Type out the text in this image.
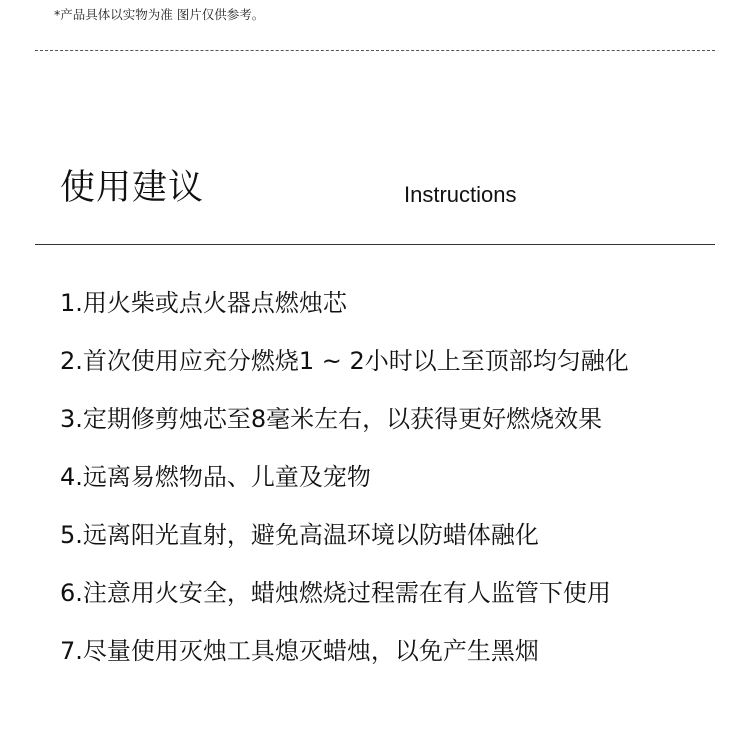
*产品具体以实物为准 图片仅供参考。
使用建议	Instructions
1.用火柴或点火器点燃烛芯
2.首次使用应充分燃烧1 ~ 2小时以上至顶部均匀融化
3.定期修剪烛芯至8毫米左右，以获得更好燃烧效果
4.远离易燃物品、儿童及宠物
5.远离阳光直射，避免高温环境以防蜡体融化
6.注意用火安全，蜡烛燃烧过程需在有人监管下使用
7.尽量使用灭烛工具熄灭蜡烛，以免产生黑烟
